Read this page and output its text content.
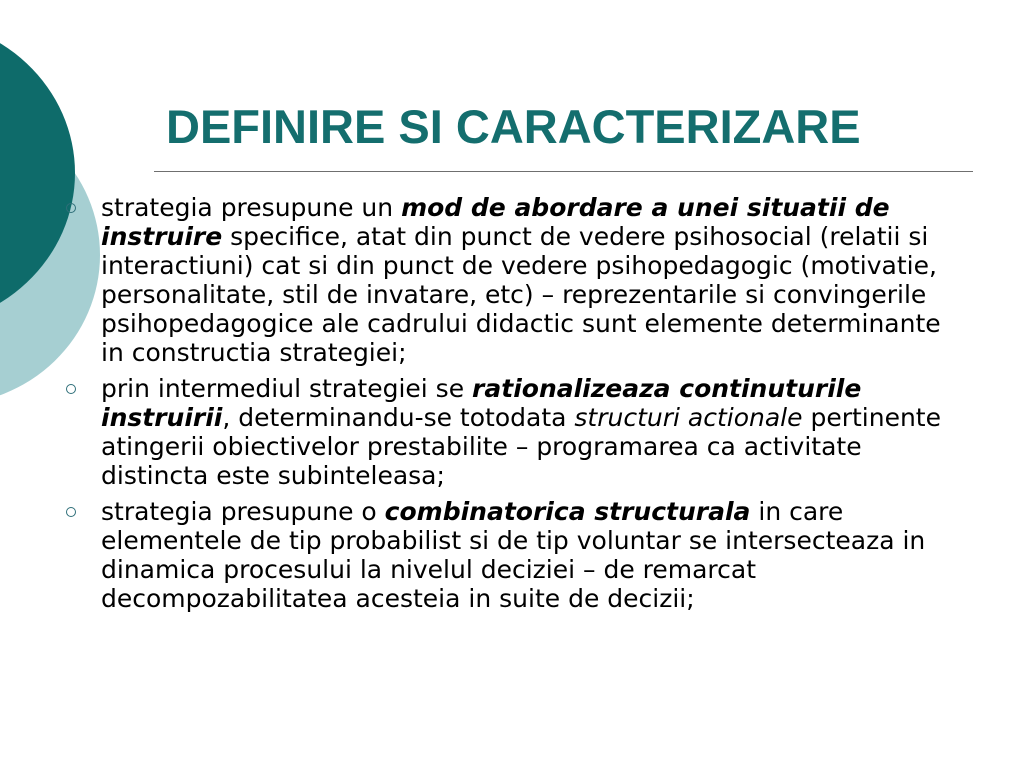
DEFINIRE SI CARACTERIZARE
strategia presupune un mod de abordare a unei situatii de instruire specifice, atat din punct de vedere psihosocial (relatii si interactiuni) cat si din punct de vedere psihopedagogic (motivatie, personalitate, stil de invatare, etc) – reprezentarile si convingerile psihopedagogice ale cadrului didactic sunt elemente determinante in constructia strategiei;
prin intermediul strategiei se rationalizeaza continuturile instruirii, determinandu-se totodata structuri actionale pertinente atingerii obiectivelor prestabilite – programarea ca activitate distincta este subinteleasa;
strategia presupune o combinatorica structurala in care elementele de tip probabilist si de tip voluntar se intersecteaza in dinamica procesului la nivelul deciziei – de remarcat decompozabilitatea acesteia in suite de decizii;
